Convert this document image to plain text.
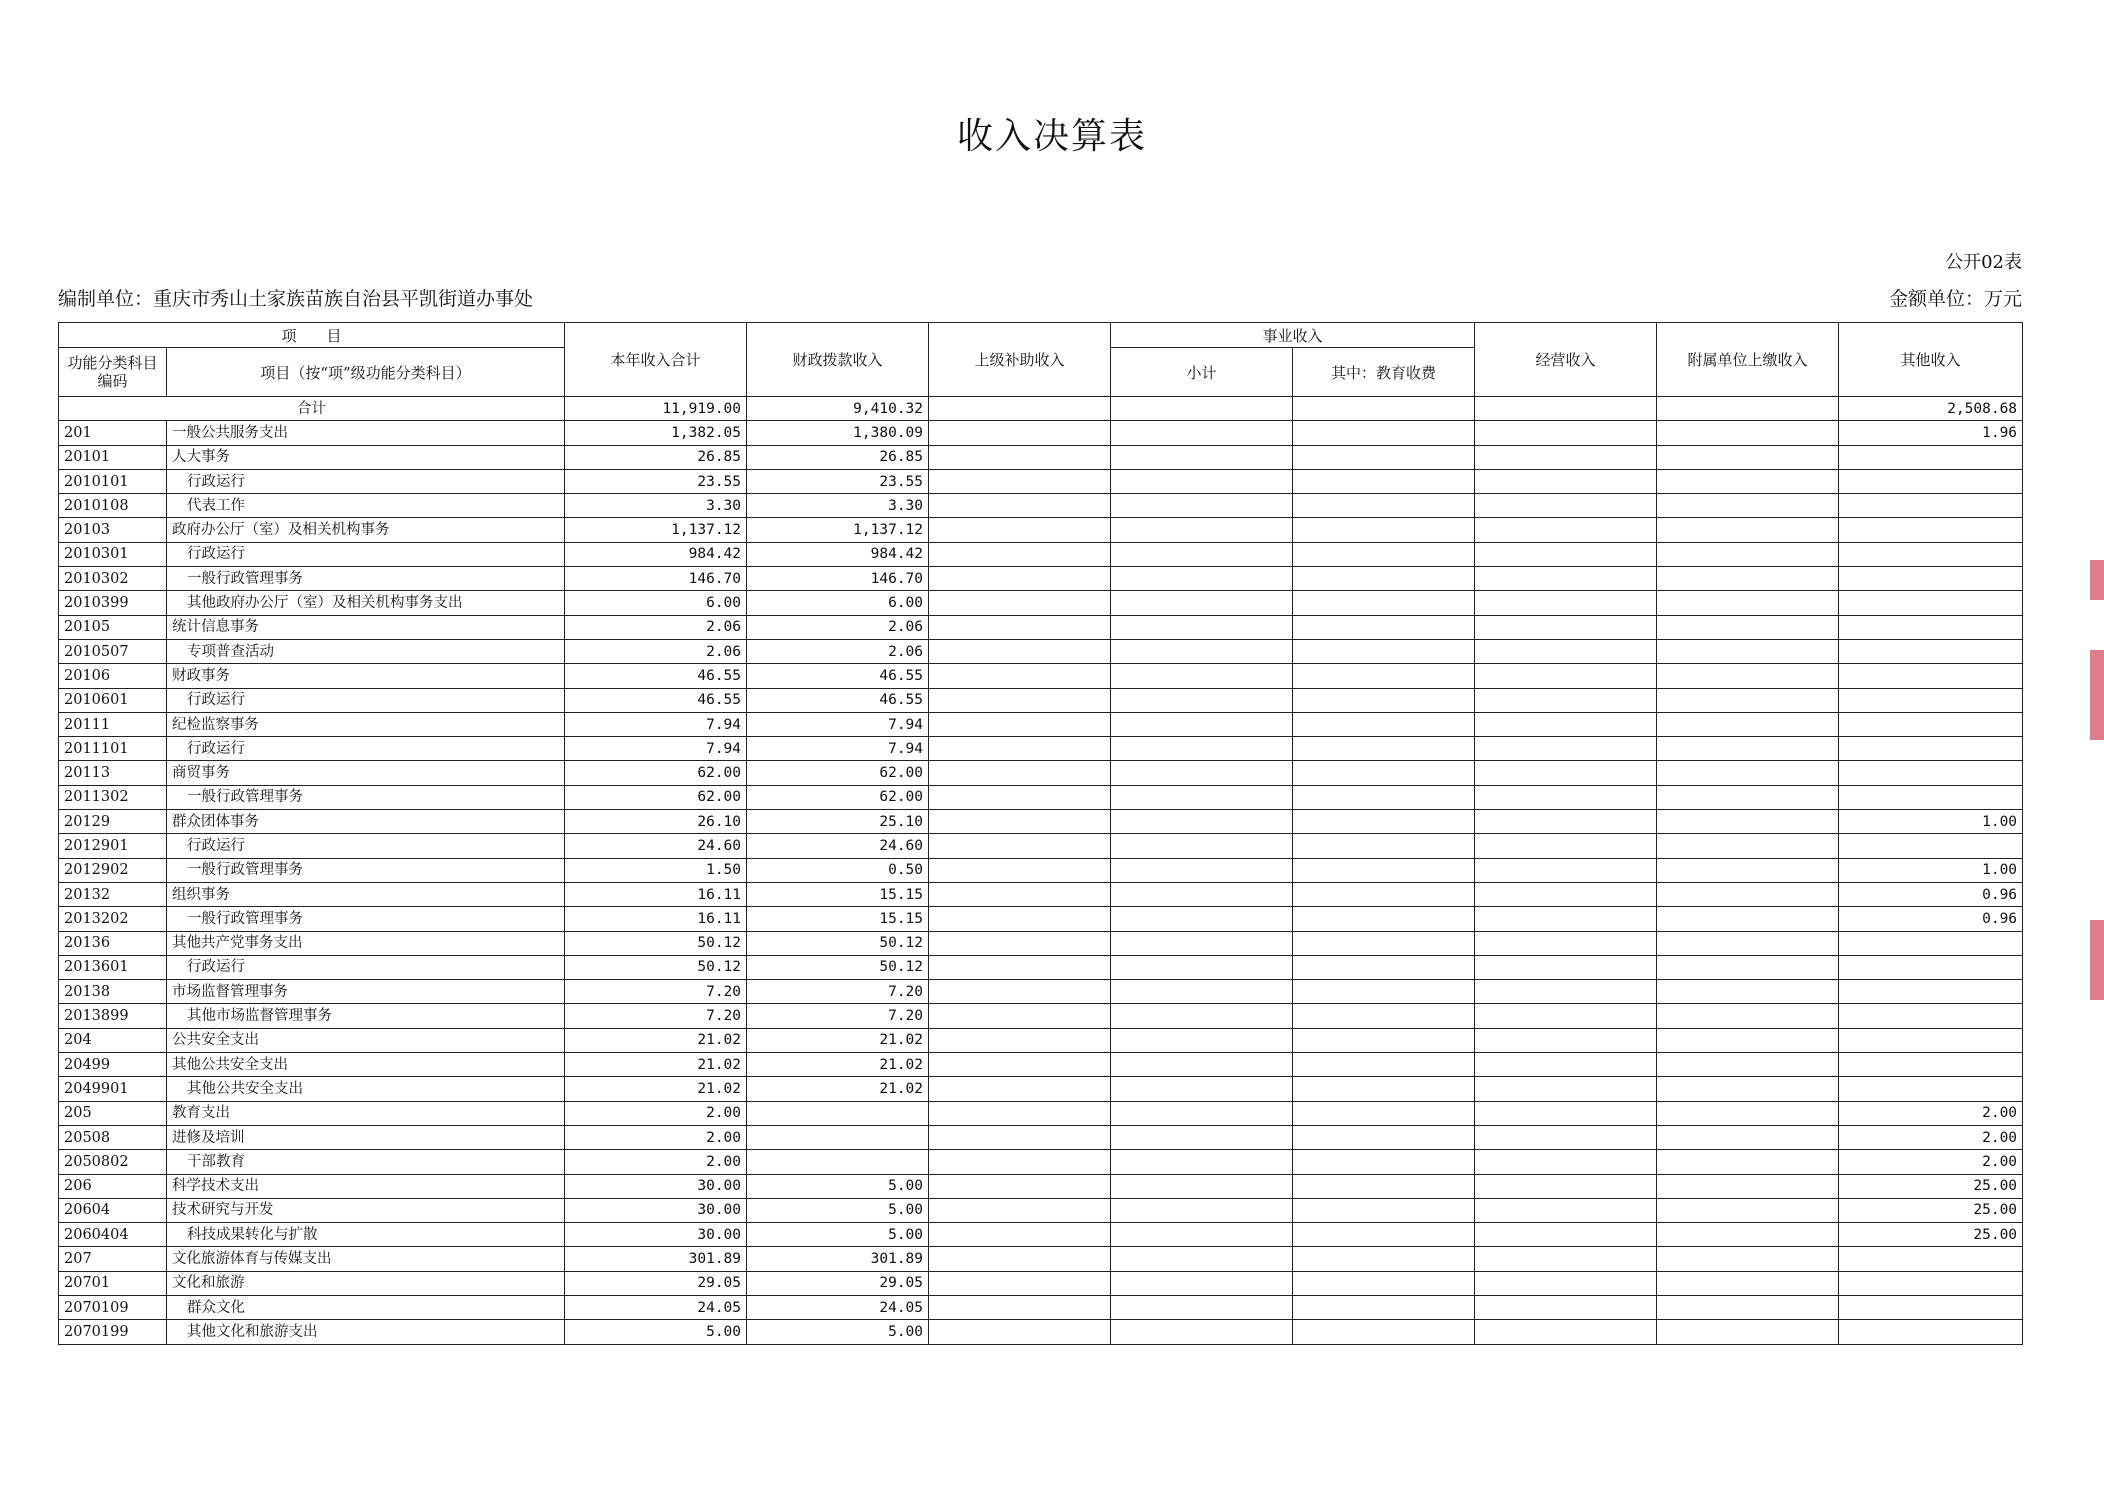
收入决算表
公开02表
编制单位：重庆市秀山土家族苗族自治县平凯街道办事处	金额单位：万元
项　　目		本年收入合计	财政拨款收入	上级补助收入	事业收入		经营收入	附属单位上缴收入	其他收入
功能分类科目编码	项目（按“项”级功能分类科目）								
					小计	其中：教育收费			
合计		11,919.00	9,410.32						2,508.68
201	一般公共服务支出	1,382.05	1,380.09						1.96
20101	人大事务	26.85	26.85						
2010101	行政运行	23.55	23.55						
2010108	代表工作	3.30	3.30						
20103	政府办公厅（室）及相关机构事务	1,137.12	1,137.12						
2010301	行政运行	984.42	984.42						
2010302	一般行政管理事务	146.70	146.70						
2010399	其他政府办公厅（室）及相关机构事务支出	6.00	6.00						
20105	统计信息事务	2.06	2.06						
2010507	专项普查活动	2.06	2.06						
20106	财政事务	46.55	46.55						
2010601	行政运行	46.55	46.55						
20111	纪检监察事务	7.94	7.94						
2011101	行政运行	7.94	7.94						
20113	商贸事务	62.00	62.00						
2011302	一般行政管理事务	62.00	62.00						
20129	群众团体事务	26.10	25.10						1.00
2012901	行政运行	24.60	24.60						
2012902	一般行政管理事务	1.50	0.50						1.00
20132	组织事务	16.11	15.15						0.96
2013202	一般行政管理事务	16.11	15.15						0.96
20136	其他共产党事务支出	50.12	50.12						
2013601	行政运行	50.12	50.12						
20138	市场监督管理事务	7.20	7.20						
2013899	其他市场监督管理事务	7.20	7.20						
204	公共安全支出	21.02	21.02						
20499	其他公共安全支出	21.02	21.02						
2049901	其他公共安全支出	21.02	21.02						
205	教育支出	2.00							2.00
20508	进修及培训	2.00							2.00
2050802	干部教育	2.00							2.00
206	科学技术支出	30.00	5.00						25.00
20604	技术研究与开发	30.00	5.00						25.00
2060404	科技成果转化与扩散	30.00	5.00						25.00
207	文化旅游体育与传媒支出	301.89	301.89						
20701	文化和旅游	29.05	29.05						
2070109	群众文化	24.05	24.05						
2070199	其他文化和旅游支出	5.00	5.00						
